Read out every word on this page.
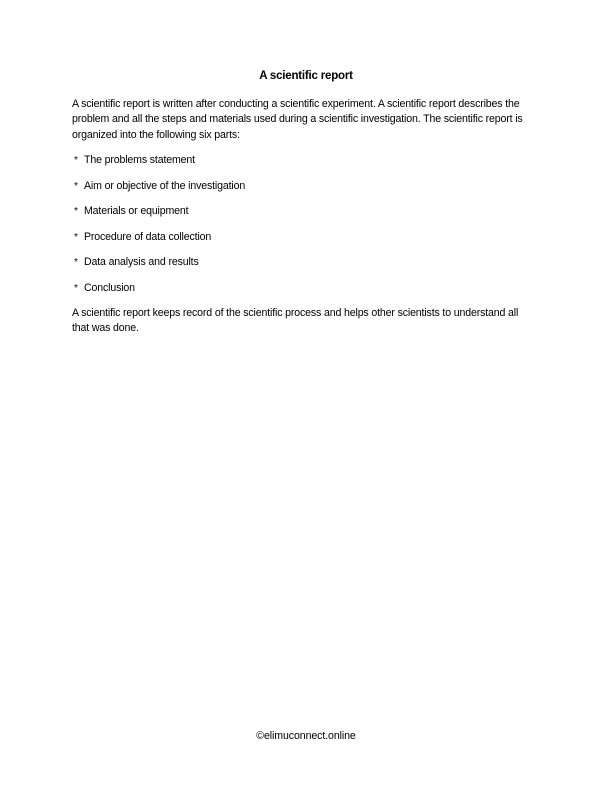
A scientific report
A scientific report is written after conducting a scientific experiment. A scientific report describes the problem and all the steps and materials used during a scientific investigation. The scientific report is organized into the following six parts:
* The problems statement
* Aim or objective of the investigation
* Materials or equipment
* Procedure of data collection
* Data analysis and results
* Conclusion
A scientific report keeps record of the scientific process and helps other scientists to understand all that was done.
©elimuconnect.online
